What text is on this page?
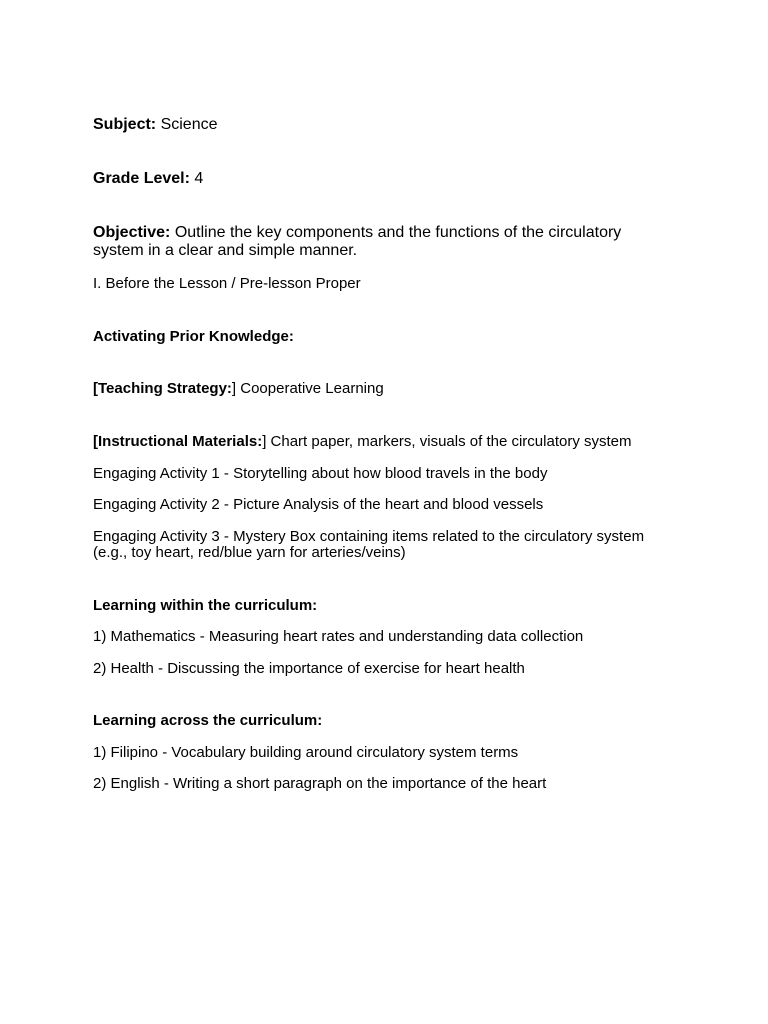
Subject: Science

Grade Level: 4

Objective: Outline the key components and the functions of the circulatory

system in a clear and simple manner.

I. Before the Lesson / Pre-lesson Proper

Activating Prior Knowledge:

[Teaching Strategy:] Cooperative Learning

[Instructional Materials:] Chart paper, markers, visuals of the circulatory system

Engaging Activity 1 - Storytelling about how blood travels in the body

Engaging Activity 2 - Picture Analysis of the heart and blood vessels

Engaging Activity 3 - Mystery Box containing items related to the circulatory system

(e.g., toy heart, red/blue yarn for arteries/veins)

Learning within the curriculum:

1) Mathematics - Measuring heart rates and understanding data collection

2) Health - Discussing the importance of exercise for heart health

Learning across the curriculum:

1) Filipino - Vocabulary building around circulatory system terms

2) English - Writing a short paragraph on the importance of the heart
